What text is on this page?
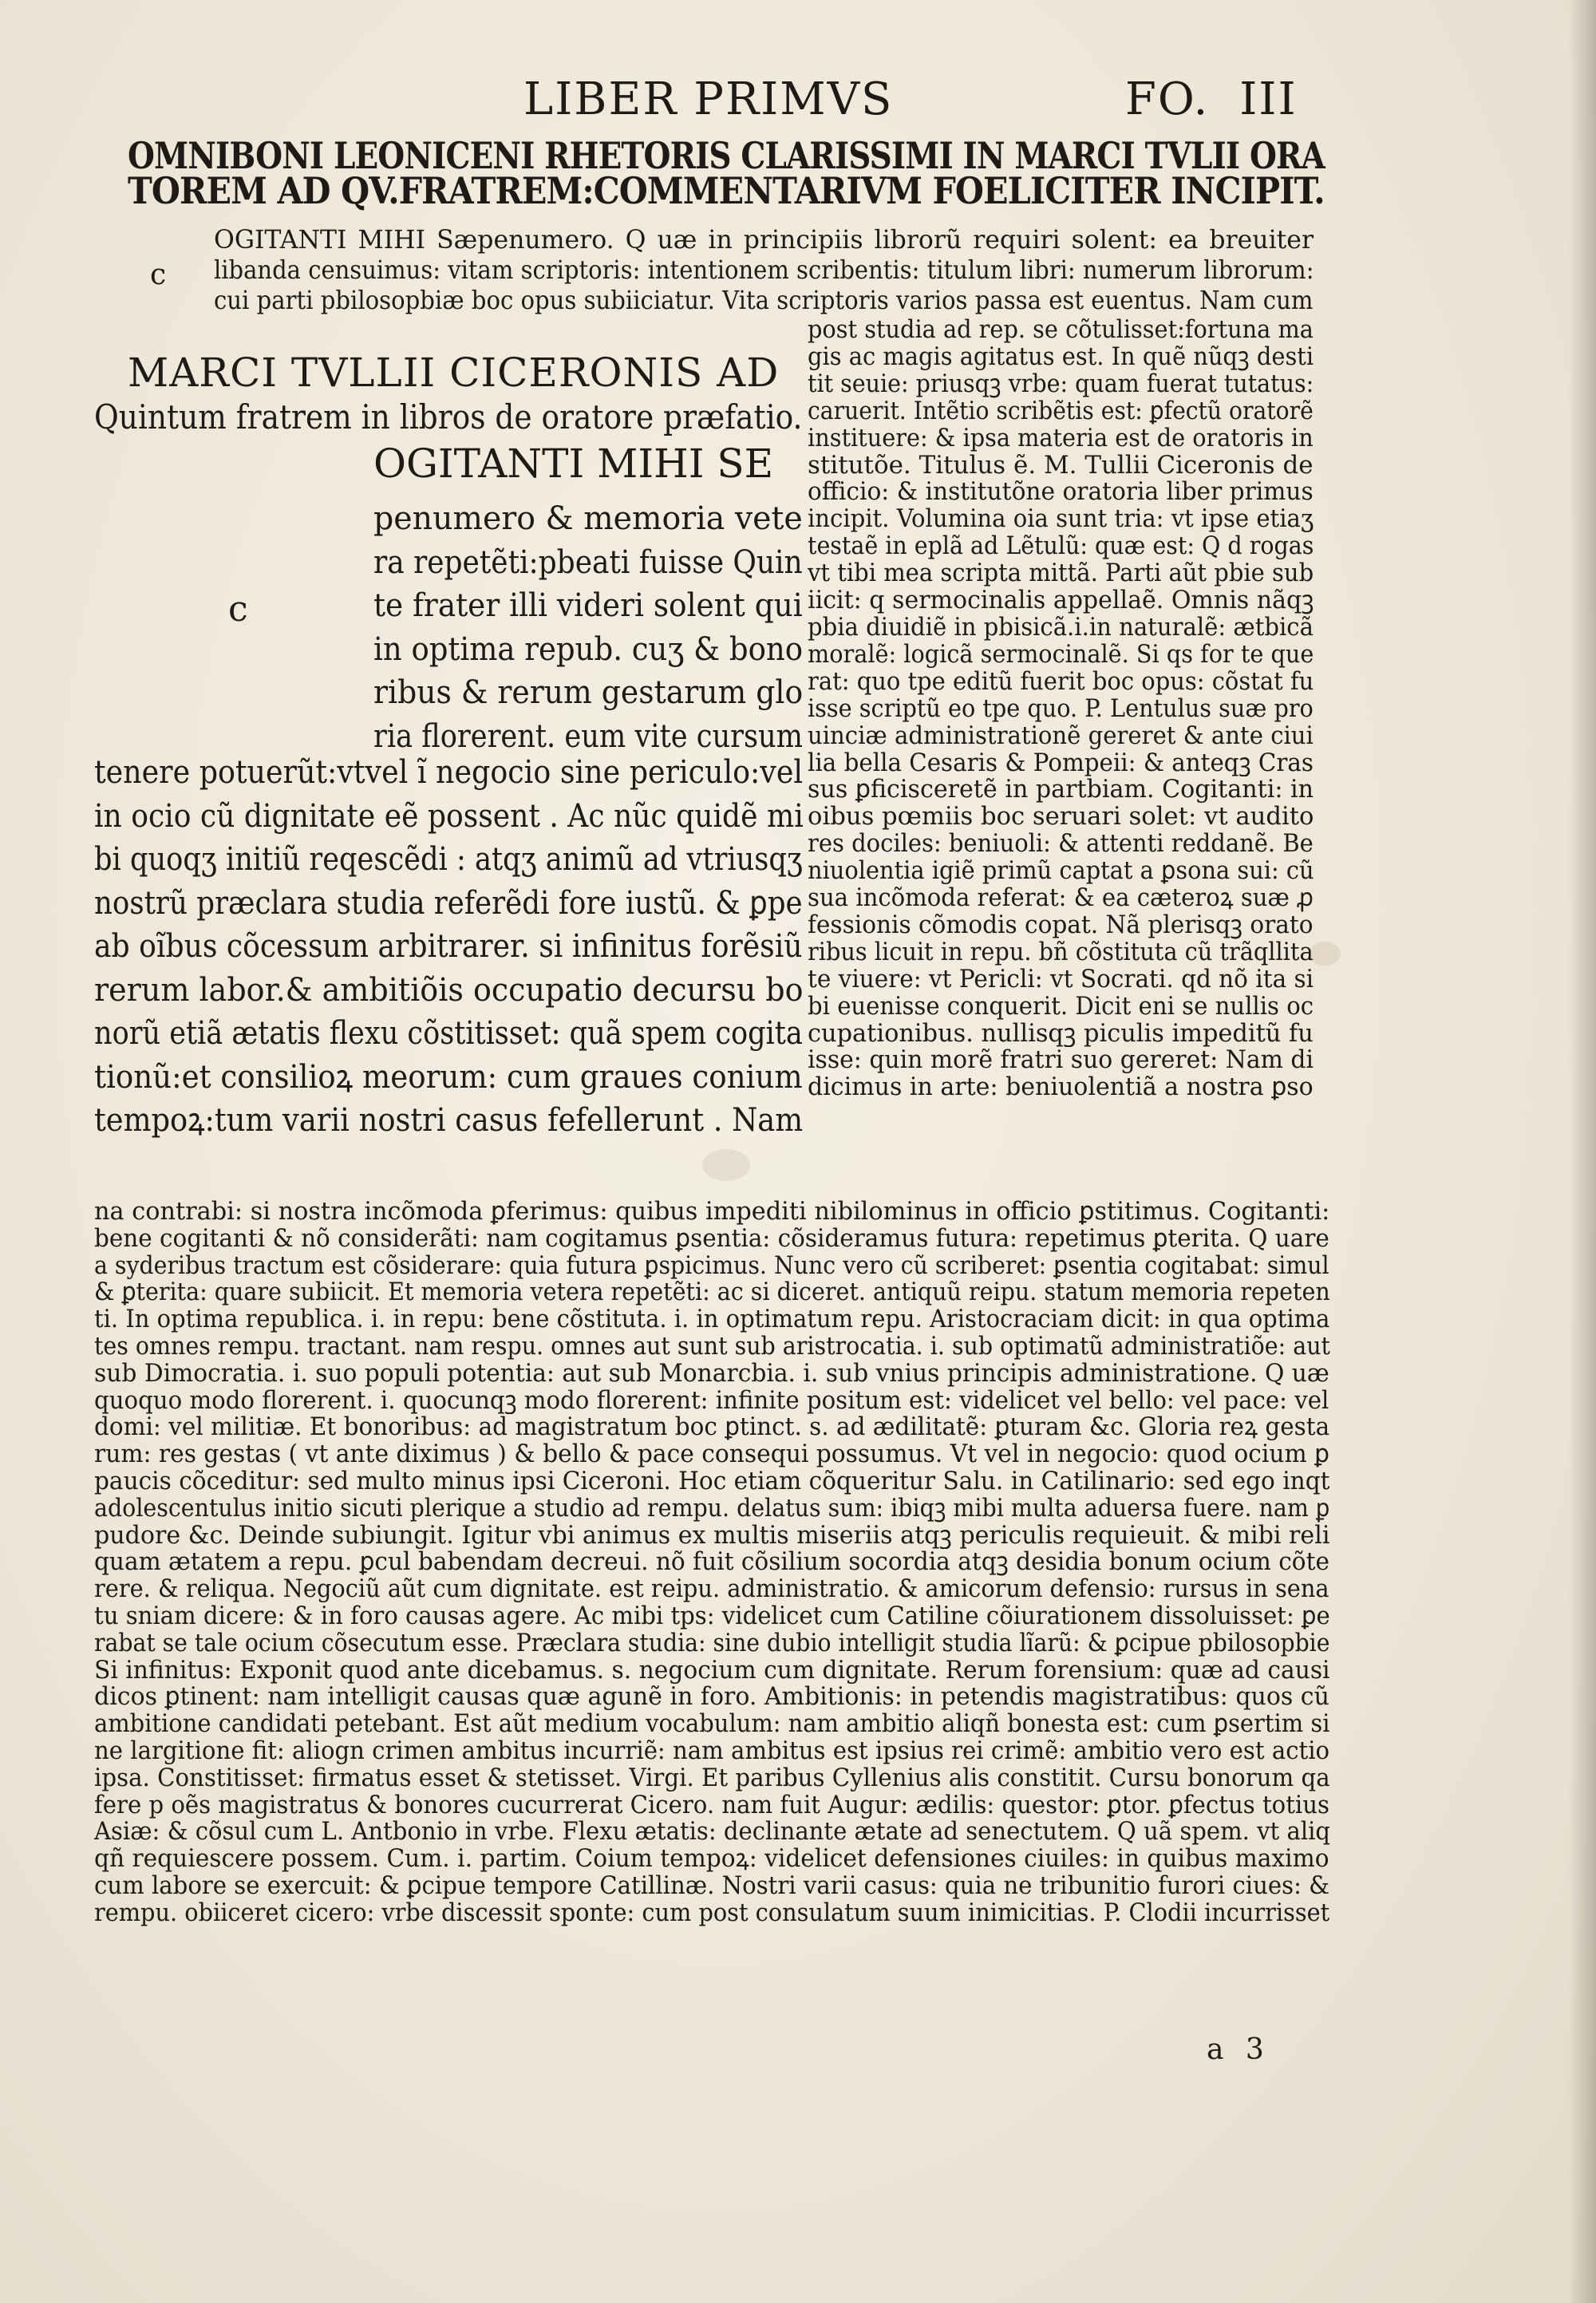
LIBER PRIMVS	FO. III
OMNIBONI LEONICENI RHETORIS CLARISSIMI IN MARCI TVLII ORA
TOREM AD QV.FRATREM:COMMENTARIVM FOELICITER INCIPIT.
c
OGITANTI MIHI Sæpenumero. Q uæ in principiis librorũ requiri solent: ea breuiter
libanda censuimus: vitam scriptoris: intentionem scribentis: titulum libri: numerum librorum:
cui parti pbilosopbiæ boc opus subiiciatur. Vita scriptoris varios passa est euentus. Nam cum
MARCI TVLLII CICERONIS AD
Quintum fratrem in libros de oratore præfatio.
OGITANTI MIHI SE
c
penumero & memoria vete
ra repetẽti:pbeati fuisse Quin
te frater illi videri solent qui
in optima repub. cuʒ & bono
ribus & rerum gestarum glo
ria florerent. eum vite cursum
tenere potuerũt:vtvel ĩ negocio sine periculo:vel
in ocio cũ dignitate eẽ possent . Ac nũc quidẽ mi
bi quoqʒ initiũ reqescẽdi : atqʒ animũ ad vtriusqʒ
nostrũ præclara studia referẽdi fore iustũ. & ꝑpe
ab oĩbus cõcessum arbitrarer. si infinitus forẽsiũ
rerum labor.& ambitiõis occupatio decursu bo
norũ etiã ætatis flexu cõstitisset: quã spem cogita
tionũ:et consilioꝝ meorum: cum graues conium
tempoꝝ:tum varii nostri casus fefellerunt . Nam
post studia ad rep. se cõtulisset:fortuna ma
gis ac magis agitatus est. In quẽ nũqꝫ desti
tit seuie: priusqꝫ vrbe: quam fuerat tutatus:
caruerit. Intẽtio scribẽtis est: ꝑfectũ oratorẽ
instituere: & ipsa materia est de oratoris in
stitutõe. Titulus ẽ. M. Tullii Ciceronis de
officio: & institutõne oratoria liber primus
incipit. Volumina oia sunt tria: vt ipse etiaʒ
testaẽ in eplã ad Lẽtulũ: quæ est: Q d rogas
vt tibi mea scripta mittã. Parti aũt pbie sub
iicit: q sermocinalis appellaẽ. Omnis nãqꝫ
pbia diuidiẽ in pbisicã.i.in naturalẽ: ætbicã
moralẽ: logicã sermocinalẽ. Si qs for te que
rat: quo tpe editũ fuerit boc opus: cõstat fu
isse scriptũ eo tpe quo. P. Lentulus suæ pro
uinciæ administrationẽ gereret & ante ciui
lia bella Cesaris & Pompeii: & anteqꝫ Cras
sus ꝑficisceretẽ in partbiam. Cogitanti: in
oibus pœmiis boc seruari solet: vt audito
res dociles: beniuoli: & attenti reddanẽ. Be
niuolentia igiẽ primũ captat a ꝑsona sui: cũ
sua incõmoda referat: & ea cæteroꝝ suæ ꝓ
fessionis cõmodis copat. Nã plerisqꝫ orato
ribus licuit in repu. bñ cõstituta cũ trãqllita
te viuere: vt Pericli: vt Socrati. qd nõ ita si
bi euenisse conquerit. Dicit eni se nullis oc
cupationibus. nullisqꝫ piculis impeditũ fu
isse: quin morẽ fratri suo gereret: Nam di
dicimus in arte: beniuolentiã a nostra ꝑso
na contrabi: si nostra incõmoda ꝑferimus: quibus impediti nibilominus in officio ꝑstitimus. Cogitanti:
bene cogitanti & nõ considerãti: nam cogitamus ꝑsentia: cõsideramus futura: repetimus ꝑterita. Q uare
a syderibus tractum est cõsiderare: quia futura ꝑspicimus. Nunc vero cũ scriberet: ꝑsentia cogitabat: simul
& ꝑterita: quare subiicit. Et memoria vetera repetẽti: ac si diceret. antiquũ reipu. statum memoria repeten
ti. In optima republica. i. in repu: bene cõstituta. i. in optimatum repu. Aristocraciam dicit: in qua optima
tes omnes rempu. tractant. nam respu. omnes aut sunt sub aristrocatia. i. sub optimatũ administratiõe: aut
sub Dimocratia. i. suo populi potentia: aut sub Monarcbia. i. sub vnius principis administratione. Q uæ
quoquo modo florerent. i. quocunqꝫ modo florerent: infinite positum est: videlicet vel bello: vel pace: vel
domi: vel militiæ. Et bonoribus: ad magistratum boc ꝑtinct. s. ad ædilitatẽ: ꝑturam &c. Gloria reꝝ gesta
rum: res gestas ( vt ante diximus ) & bello & pace consequi possumus. Vt vel in negocio: quod ocium ꝑ
paucis cõceditur: sed multo minus ipsi Ciceroni. Hoc etiam cõqueritur Salu. in Catilinario: sed ego inqt
adolescentulus initio sicuti plerique a studio ad rempu. delatus sum: ibiqꝫ mibi multa aduersa fuere. nam ꝑ
pudore &c. Deinde subiungit. Igitur vbi animus ex multis miseriis atqꝫ periculis requieuit. & mibi reli
quam ætatem a repu. ꝑcul babendam decreui. nõ fuit cõsilium socordia atqꝫ desidia bonum ocium cõte
rere. & reliqua. Negociũ aũt cum dignitate. est reipu. administratio. & amicorum defensio: rursus in sena
tu sniam dicere: & in foro causas agere. Ac mibi tps: videlicet cum Catiline cõiurationem dissoluisset: ꝑe
rabat se tale ocium cõsecutum esse. Præclara studia: sine dubio intelligit studia lĩarũ: & ꝑcipue pbilosopbie
Si infinitus: Exponit quod ante dicebamus. s. negocium cum dignitate. Rerum forensium: quæ ad causi
dicos ꝑtinent: nam intelligit causas quæ agunẽ in foro. Ambitionis: in petendis magistratibus: quos cũ
ambitione candidati petebant. Est aũt medium vocabulum: nam ambitio aliqñ bonesta est: cum ꝑsertim si
ne largitione fit: aliogn crimen ambitus incurriẽ: nam ambitus est ipsius rei crimẽ: ambitio vero est actio
ipsa. Constitisset: firmatus esset & stetisset. Virgi. Et paribus Cyllenius alis constitit. Cursu bonorum qa
fere p oẽs magistratus & bonores cucurrerat Cicero. nam fuit Augur: ædilis: questor: ꝑtor. ꝑfectus totius
Asiæ: & cõsul cum L. Antbonio in vrbe. Flexu ætatis: declinante ætate ad senectutem. Q uã spem. vt aliq
qñ requiescere possem. Cum. i. partim. Coium tempoꝝ: videlicet defensiones ciuiles: in quibus maximo
cum labore se exercuit: & ꝑcipue tempore Catillinæ. Nostri varii casus: quia ne tribunitio furori ciues: &
rempu. obiiceret cicero: vrbe discessit sponte: cum post consulatum suum inimicitias. P. Clodii incurrisset
a 3
